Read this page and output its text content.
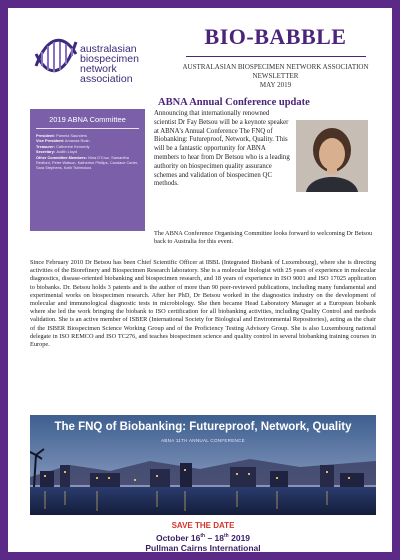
australasian
biospecimen
network
association
BIO-BABBLE
AUSTRALASIAN BIOSPECIMEN NETWORK ASSOCIATION
NEWSLETTER
MAY 2019
ABNA Annual Conference update
2019 ABNA Committee
President: Pamela Saunders
Vice President: Amanda Rush
Treasurer: Catherine Kennedy
Secretary: Judith Lloyd
Other Committee Members: Nina D'Cruz, Samantha Redford, Peter Watson, Katherine Phillips, Candace Carter, Sara Stephens, Kath Tsirimokos
Announcing that internationally renowned scientist Dr Fay Betsou will be a keynote speaker at ABNA's Annual Conference The FNQ of Biobanking: Futureproof, Network, Quality. This will be a fantastic opportunity for ABNA members to hear from Dr Betsou who is a leading authority on biospecimen quality assurance schemes and validation of biospecimen QC methods.
The ABNA Conference Organising Committee looks forward to welcoming Dr Betsou back to Australia for this event.
Since February 2010 Dr Betsou has been Chief Scientific Officer at IBBL (Integrated Biobank of Luxembourg), where she is directing activities of the Biorefinery and Biospecimen Research laboratory. She is a molecular biologist with 25 years of experience in molecular diagnostics, disease-oriented biobanking and biospecimen research, and 18 years of experience in ISO 9001 and ISO 17025 application to biobanks. Dr. Betsou holds 3 patents and is the author of more than 90 peer-reviewed publications, including many fundamental and experimental works on biospecimen research. After her PhD, Dr Betsou worked in the diagnostics industry on the development of molecular and immunological diagnostic tests in microbiology. She then became Head Laboratory Manager at a European biobank where she led the work bringing the biobank to ISO certification for all biobanking activities, including Quality Control and methods validation. She is an active member of ISBER (International Society for Biological and Environmental Repositories), acting as the chair of the ISBER Biospecimen Science Working Group and of the Proficiency Testing Advisory Group. She is also Luxembourg national delegate in ISO REMCO and ISO TC276, and teaches biospecimen science and quality control in several biobanking training courses in Europe.
The FNQ of Biobanking: Futureproof, Network, Quality
ABNA 11TH ANNUAL CONFERENCE
SAVE THE DATE
October 16th – 18th 2019
Pullman Cairns International
